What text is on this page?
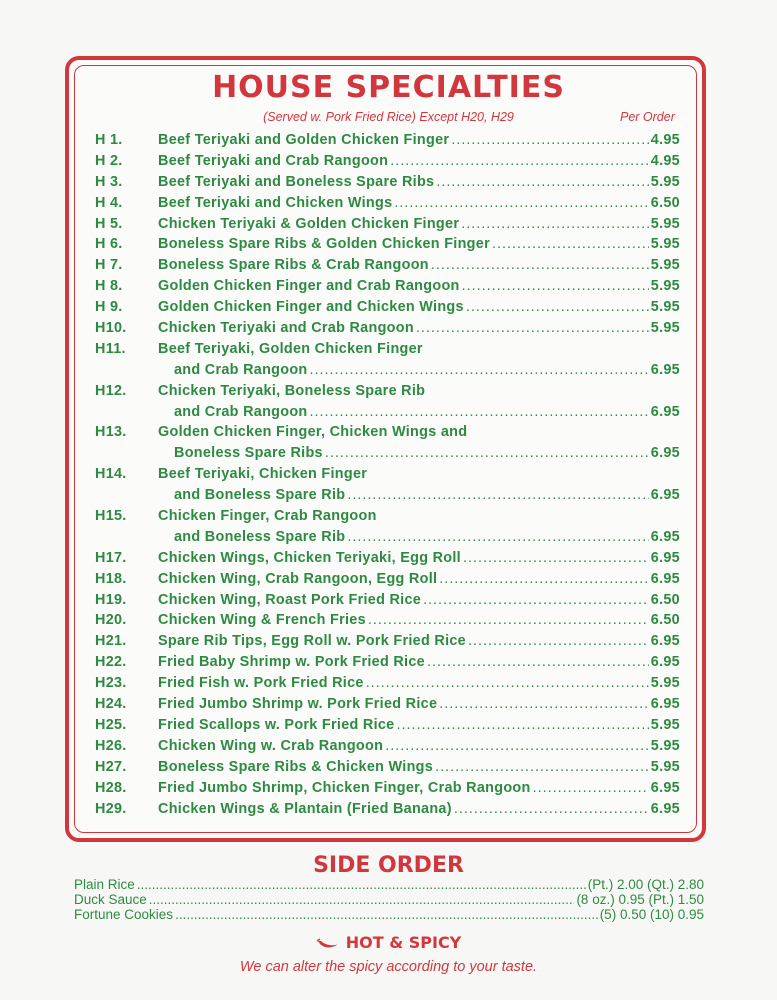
HOUSE SPECIALTIES
(Served w. Pork Fried Rice) Except H20, H29	Per Order
H 1.	Beef Teriyaki and Golden Chicken Finger .....	4.95
H 2.	Beef Teriyaki and Crab Rangoon .....	4.95
H 3.	Beef Teriyaki and Boneless Spare Ribs .....	5.95
H 4.	Beef Teriyaki and Chicken Wings .....	6.50
H 5.	Chicken Teriyaki & Golden Chicken Finger .....	5.95
H 6.	Boneless Spare Ribs & Golden Chicken Finger .....	5.95
H 7.	Boneless Spare Ribs & Crab Rangoon .....	5.95
H 8.	Golden Chicken Finger and Crab Rangoon .....	5.95
H 9.	Golden Chicken Finger and Chicken Wings .....	5.95
H10.	Chicken Teriyaki and Crab Rangoon .....	5.95
H11.	Beef Teriyaki, Golden Chicken Finger
and Crab Rangoon .....	6.95
H12.	Chicken Teriyaki, Boneless Spare Rib
and Crab Rangoon .....	6.95
H13.	Golden Chicken Finger, Chicken Wings and
Boneless Spare Ribs .....	6.95
H14.	Beef Teriyaki, Chicken Finger
and Boneless Spare Rib .....	6.95
H15.	Chicken Finger, Crab Rangoon
and Boneless Spare Rib .....	6.95
H17.	Chicken Wings, Chicken Teriyaki, Egg Roll .....	6.95
H18.	Chicken Wing, Crab Rangoon, Egg Roll .....	6.95
H19.	Chicken Wing, Roast Pork Fried Rice .....	6.50
H20.	Chicken Wing & French Fries .....	6.50
H21.	Spare Rib Tips, Egg Roll w. Pork Fried Rice .....	6.95
H22.	Fried Baby Shrimp w. Pork Fried Rice .....	6.95
H23.	Fried Fish w. Pork Fried Rice .....	5.95
H24.	Fried Jumbo Shrimp w. Pork Fried Rice .....	6.95
H25.	Fried Scallops w. Pork Fried Rice .....	5.95
H26.	Chicken Wing w. Crab Rangoon .....	5.95
H27.	Boneless Spare Ribs & Chicken Wings .....	5.95
H28.	Fried Jumbo Shrimp, Chicken Finger, Crab Rangoon .....	6.95
H29.	Chicken Wings & Plantain (Fried Banana) .....	6.95
SIDE ORDER
Plain Rice .....	(Pt.) 2.00 (Qt.) 2.80
Duck Sauce .....	(8 oz.) 0.95 (Pt.) 1.50
Fortune Cookies .....	(5) 0.50 (10) 0.95
HOT & SPICY
We can alter the spicy according to your taste.
